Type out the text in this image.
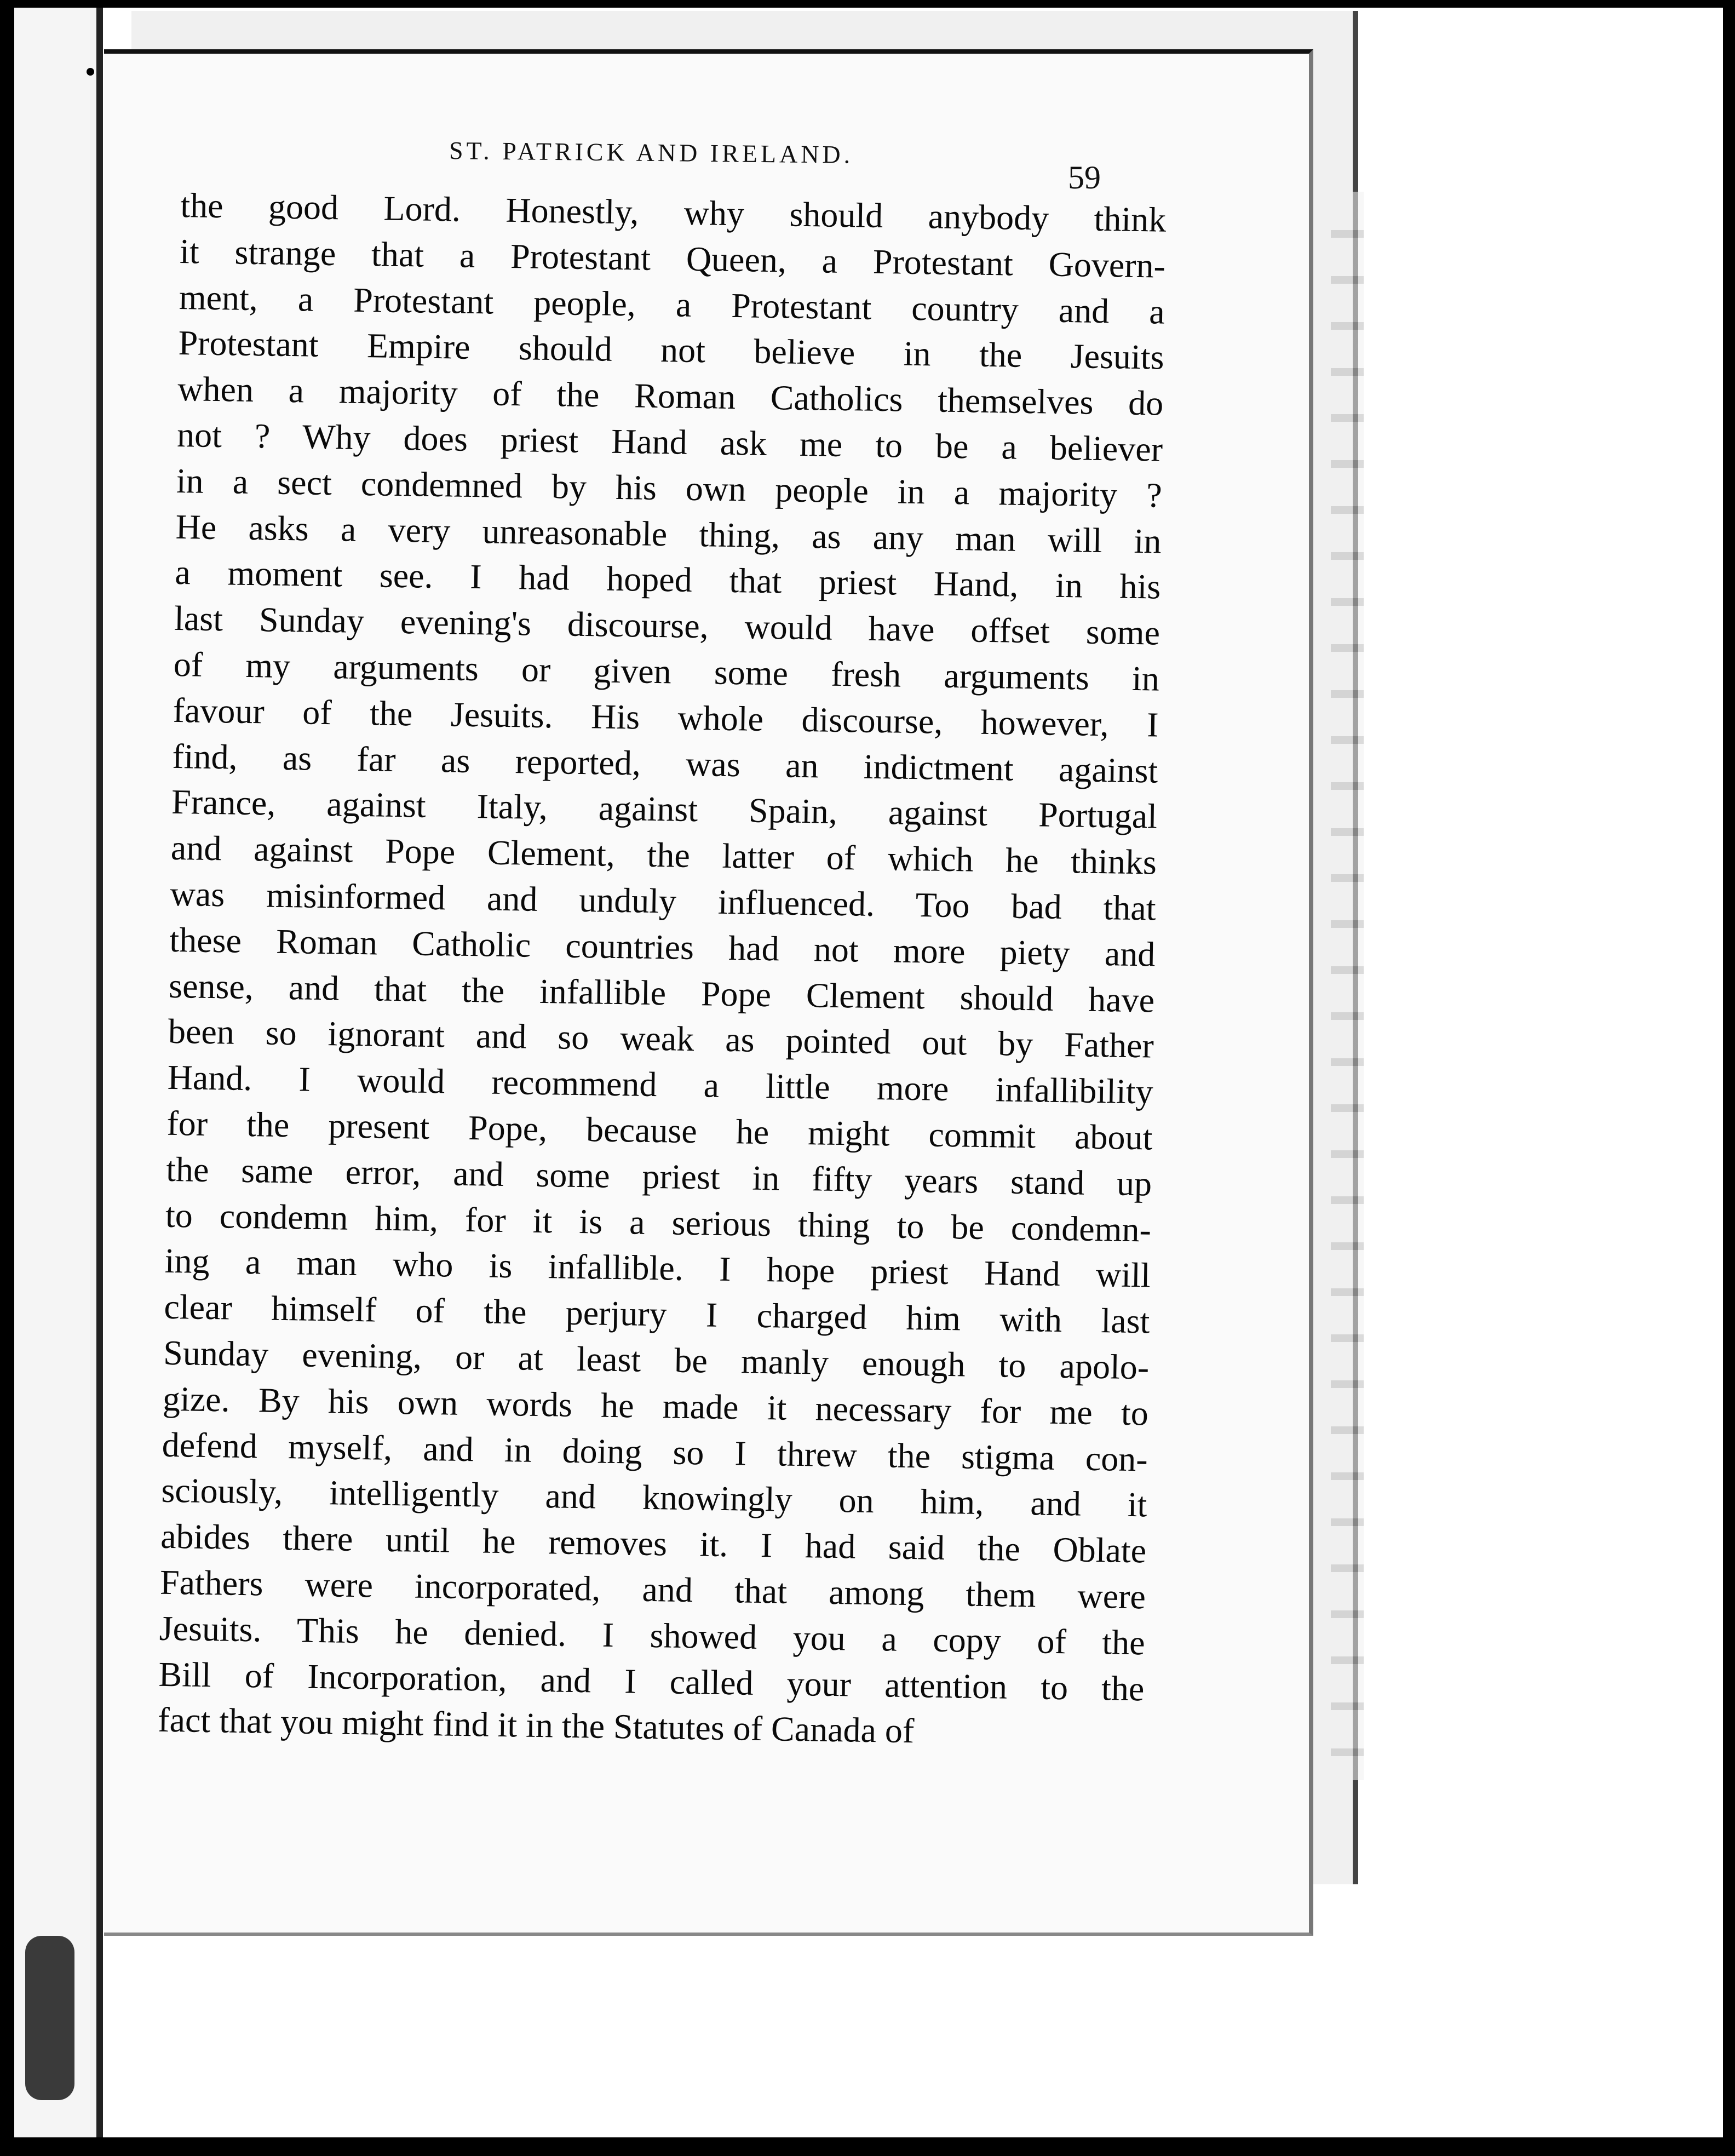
ST. PATRICK AND IRELAND.
59
the good Lord. Honestly, why should anybody think
it strange that a Protestant Queen, a Protestant Govern-
ment, a Protestant people, a Protestant country and a
Protestant Empire should not believe in the Jesuits
when a majority of the Roman Catholics themselves do
not ? Why does priest Hand ask me to be a believer
in a sect condemned by his own people in a majority ?
He asks a very unreasonable thing, as any man will in
a moment see. I had hoped that priest Hand, in his
last Sunday evening's discourse, would have offset some
of my arguments or given some fresh arguments in
favour of the Jesuits. His whole discourse, however, I
find, as far as reported, was an indictment against
France, against Italy, against Spain, against Portugal
and against Pope Clement, the latter of which he thinks
was misinformed and unduly influenced. Too bad that
these Roman Catholic countries had not more piety and
sense, and that the infallible Pope Clement should have
been so ignorant and so weak as pointed out by Father
Hand. I would recommend a little more infallibility
for the present Pope, because he might commit about
the same error, and some priest in fifty years stand up
to condemn him, for it is a serious thing to be condemn-
ing a man who is infallible. I hope priest Hand will
clear himself of the perjury I charged him with last
Sunday evening, or at least be manly enough to apolo-
gize. By his own words he made it necessary for me to
defend myself, and in doing so I threw the stigma con-
sciously, intelligently and knowingly on him, and it
abides there until he removes it. I had said the Oblate
Fathers were incorporated, and that among them were
Jesuits. This he denied. I showed you a copy of the
Bill of Incorporation, and I called your attention to the
fact that you might find it in the Statutes of Canada of
